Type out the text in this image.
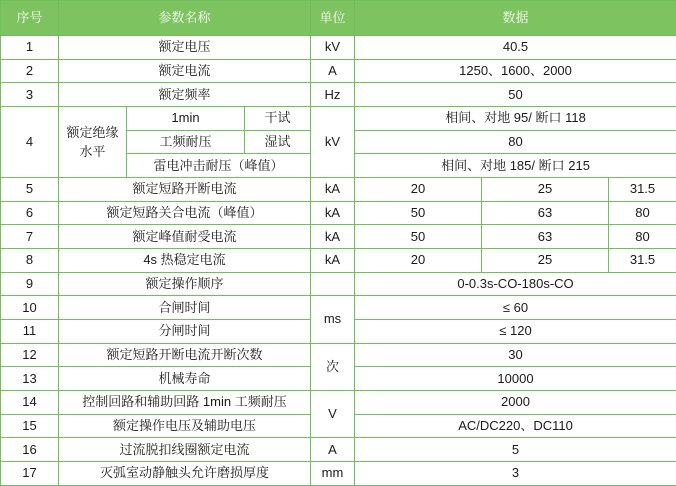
序号	参数名称			单位	数据		
1	额定电压			kV	40.5		
2	额定电流			A	1250、1600、2000		
3	额定频率			Hz	50		
4	额定绝缘水平	1min	干试	kV	相间、对地 95/ 断口 118		
		工频耐压	湿试		80		
		雷电冲击耐压（峰值）			相间、对地 185/ 断口 215		
5	额定短路开断电流			kA	20	25	31.5
6	额定短路关合电流（峰值）			kA	50	63	80
7	额定峰值耐受电流			kA	50	63	80
8	4s 热稳定电流			kA	20	25	31.5
9	额定操作顺序				0-0.3s-CO-180s-CO		
10	合闸时间			ms	≤ 60		
11	分闸时间				≤ 120		
12	额定短路开断电流开断次数			次	30		
13	机械寿命				10000		
14	控制回路和辅助回路 1min 工频耐压			V	2000		
15	额定操作电压及辅助电压				AC/DC220、DC110		
16	过流脱扣线圈额定电流			A	5		
17	灭弧室动静触头允许磨损厚度			mm	3		
